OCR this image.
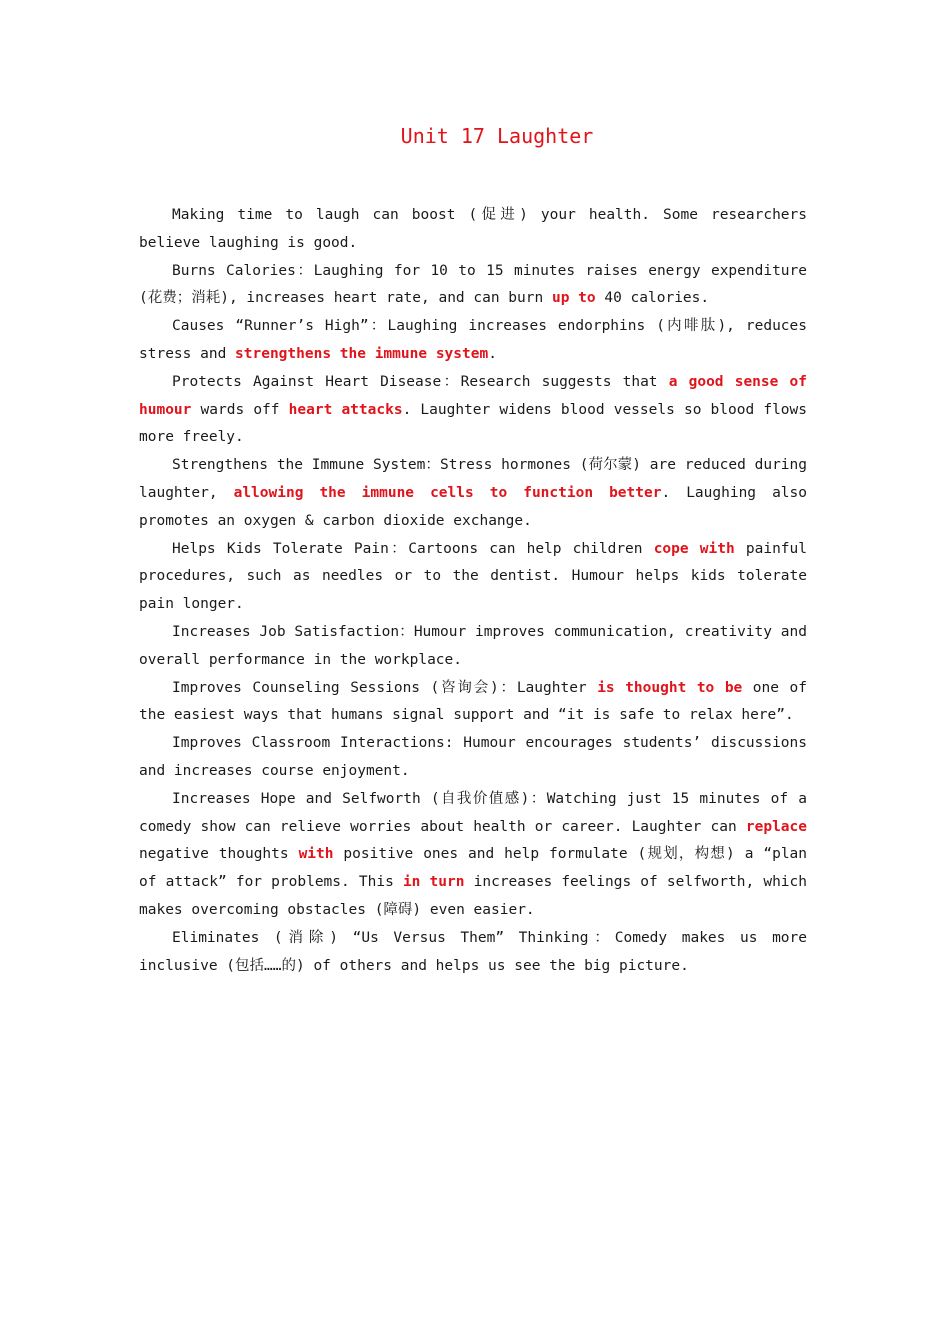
Unit 17 Laughter

Making time to laugh can boost (促进) your health. Some researchers believe laughing is good.

Burns Calories：Laughing for 10 to 15 minutes raises energy expenditure (花费；消耗), increases heart rate, and can burn up to 40 calories.

Causes “Runner’s High”：Laughing increases endorphins (内啡肽), reduces stress and strengthens the immune system.

Protects Against Heart Disease：Research suggests that a good sense of humour wards off heart attacks. Laughter widens blood vessels so blood flows more freely.

Strengthens the Immune System：Stress hormones (荷尔蒙) are reduced during laughter, allowing the immune cells to function better. Laughing also promotes an oxygen & carbon dioxide exchange.

Helps Kids Tolerate Pain：Cartoons can help children cope with painful procedures, such as needles or to the dentist. Humour helps kids tolerate pain longer.

Increases Job Satisfaction：Humour improves communication, creativity and overall performance in the workplace.

Improves Counseling Sessions (咨询会)：Laughter is thought to be one of the easiest ways that humans signal support and “it is safe to relax here”.

Improves Classroom Interactions: Humour encourages students’ discussions and increases course enjoyment.

Increases Hope and Selfworth (自我价值感)：Watching just 15 minutes of a comedy show can relieve worries about health or career. Laughter can replace negative thoughts with positive ones and help formulate (规划，构想) a “plan of attack” for problems. This in turn increases feelings of selfworth, which makes overcoming obstacles (障碍) even easier.

Eliminates (消除) “Us Versus Them” Thinking：Comedy makes us more inclusive (包括……的) of others and helps us see the big picture.
